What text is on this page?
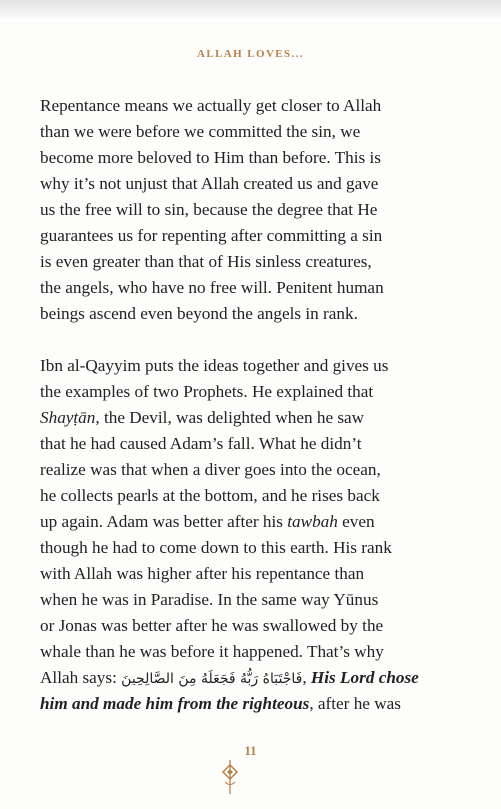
ALLAH LOVES...
Repentance means we actually get closer to Allah
than we were before we committed the sin, we
become more beloved to Him than before. This is
why it’s not unjust that Allah created us and gave
us the free will to sin, because the degree that He
guarantees us for repenting after committing a sin
is even greater than that of His sinless creatures,
the angels, who have no free will. Penitent human
beings ascend even beyond the angels in rank.
Ibn al-Qayyim puts the ideas together and gives us
the examples of two Prophets. He explained that
Shayṭān, the Devil, was delighted when he saw
that he had caused Adam’s fall. What he didn’t
realize was that when a diver goes into the ocean,
he collects pearls at the bottom, and he rises back
up again. Adam was better after his tawbah even
though he had to come down to this earth. His rank
with Allah was higher after his repentance than
when he was in Paradise. In the same way Yūnus
or Jonas was better after he was swallowed by the
whale than he was before it happened. That’s why
Allah says: فَاجْتَبَاهُ رَبُّهُ فَجَعَلَهُ مِنَ الصَّالِحِينَ, His Lord chose
him and made him from the righteous, after he was
11
